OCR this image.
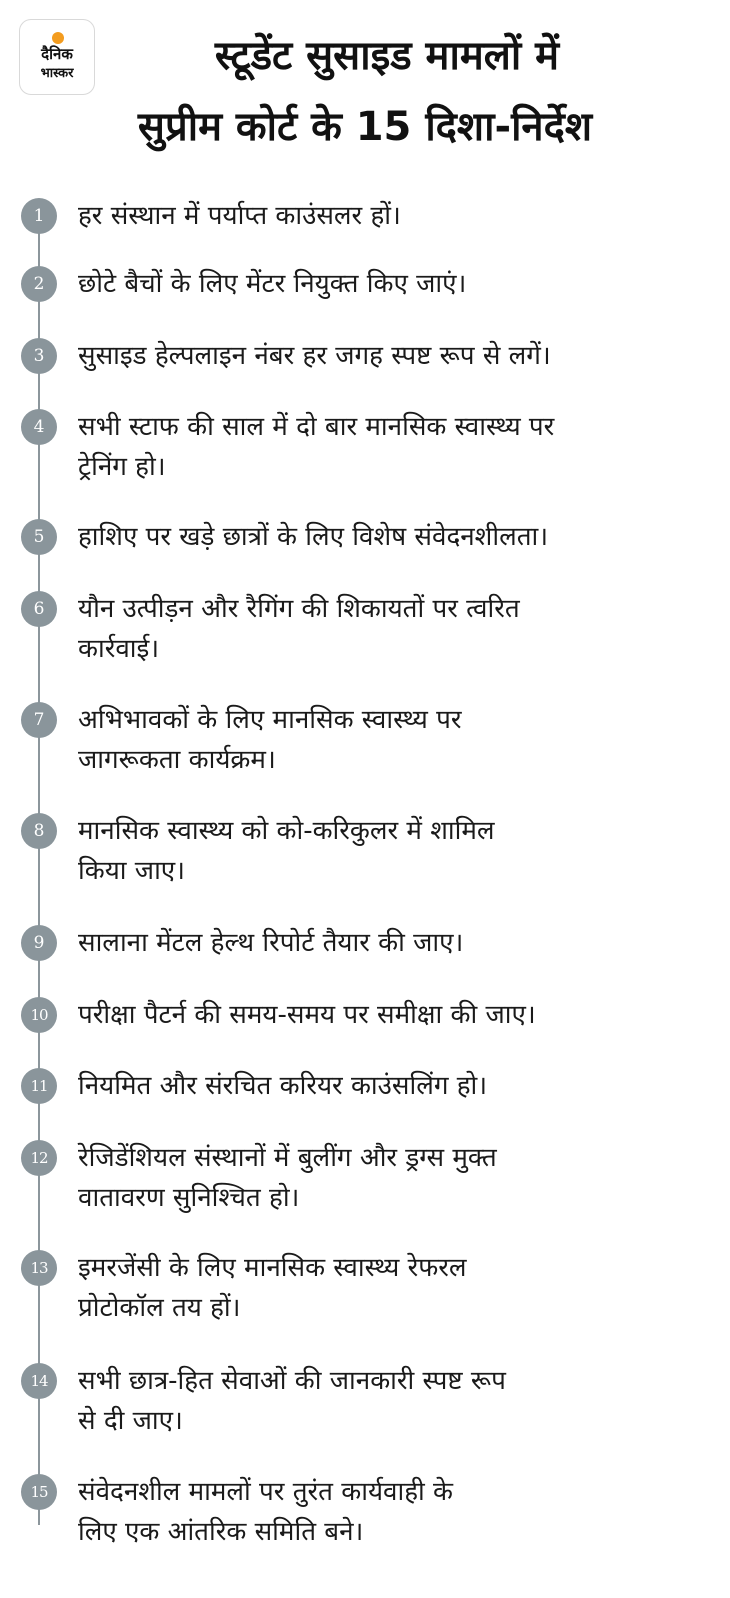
दैनिक
भास्कर	स्टूडेंट सुसाइड मामलों में
सुप्रीम कोर्ट के 15 दिशा-निर्देश
1	हर संस्थान में पर्याप्त काउंसलर हों।
2	छोटे बैचों के लिए मेंटर नियुक्त किए जाएं।
3	सुसाइड हेल्पलाइन नंबर हर जगह स्पष्ट रूप से लगें।
4	सभी स्टाफ की साल में दो बार मानसिक स्वास्थ्य पर
ट्रेनिंग हो।
5	हाशिए पर खड़े छात्रों के लिए विशेष संवेदनशीलता।
6	यौन उत्पीड़न और रैगिंग की शिकायतों पर त्वरित
कार्रवाई।
7	अभिभावकों के लिए मानसिक स्वास्थ्य पर
जागरूकता कार्यक्रम।
8	मानसिक स्वास्थ्य को को-करिकुलर में शामिल
किया जाए।
9	सालाना मेंटल हेल्थ रिपोर्ट तैयार की जाए।
10	परीक्षा पैटर्न की समय-समय पर समीक्षा की जाए।
11	नियमित और संरचित करियर काउंसलिंग हो।
12	रेजिडेंशियल संस्थानों में बुलींग और ड्रग्स मुक्त
वातावरण सुनिश्चित हो।
13	इमरजेंसी के लिए मानसिक स्वास्थ्य रेफरल
प्रोटोकॉल तय हों।
14	सभी छात्र-हित सेवाओं की जानकारी स्पष्ट रूप
से दी जाए।
15	संवेदनशील मामलों पर तुरंत कार्यवाही के
लिए एक आंतरिक समिति बने।
